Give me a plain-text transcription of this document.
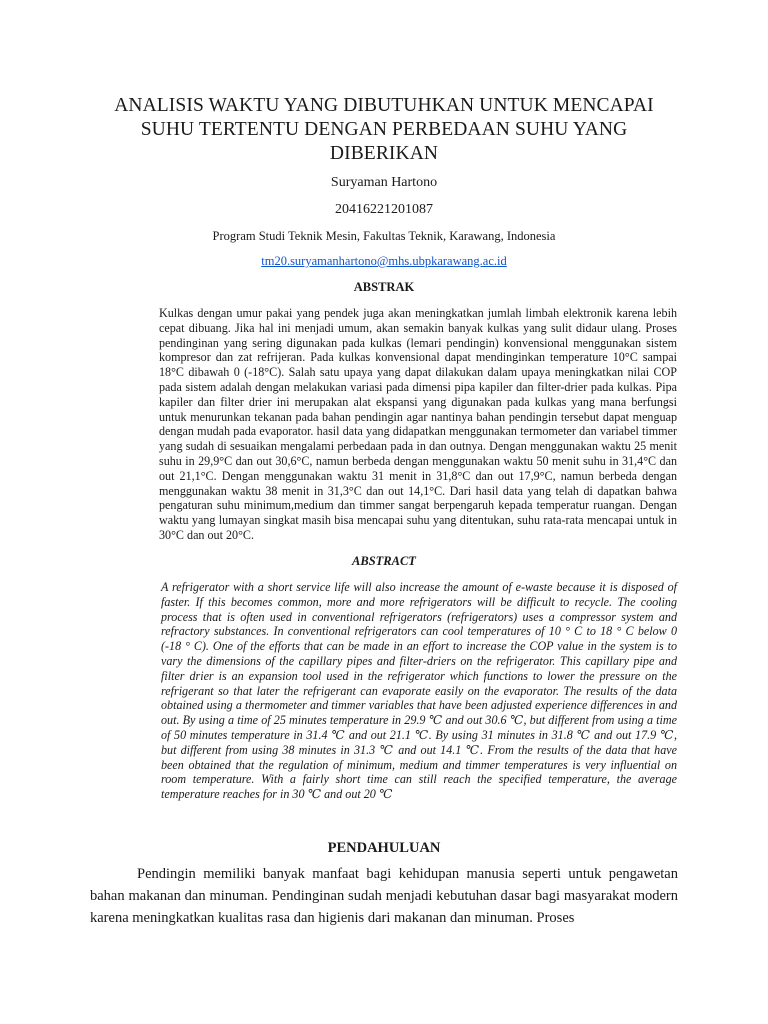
ANALISIS WAKTU YANG DIBUTUHKAN UNTUK MENCAPAI SUHU TERTENTU DENGAN PERBEDAAN SUHU YANG DIBERIKAN
Suryaman Hartono
20416221201087
Program Studi Teknik Mesin, Fakultas Teknik, Karawang, Indonesia
tm20.suryamanhartono@mhs.ubpkarawang.ac.id
ABSTRAK

Kulkas dengan umur pakai yang pendek juga akan meningkatkan jumlah limbah elektronik karena lebih cepat dibuang. Jika hal ini menjadi umum, akan semakin banyak kulkas yang sulit didaur ulang. Proses pendinginan yang sering digunakan pada kulkas (lemari pendingin) konvensional menggunakan sistem kompresor dan zat refrijeran. Pada kulkas konvensional dapat mendinginkan temperature 10°C sampai 18°C dibawah 0 (-18°C). Salah satu upaya yang dapat dilakukan dalam upaya meningkatkan nilai COP pada sistem adalah dengan melakukan variasi pada dimensi pipa kapiler dan filter-drier pada kulkas. Pipa kapiler dan filter drier ini merupakan alat ekspansi yang digunakan pada kulkas yang mana berfungsi untuk menurunkan tekanan pada bahan pendingin agar nantinya bahan pendingin tersebut dapat menguap dengan mudah pada evaporator. hasil data yang didapatkan menggunakan termometer dan variabel timmer yang sudah di sesuaikan mengalami perbedaan pada in dan outnya. Dengan menggunakan waktu 25 menit suhu in 29,9°C dan out 30,6°C, namun berbeda dengan menggunakan waktu 50 menit suhu in 31,4°C dan out 21,1°C. Dengan menggunakan waktu 31 menit in 31,8°C dan out 17,9°C, namun berbeda dengan menggunakan waktu 38 menit in 31,3°C dan out 14,1°C. Dari hasil data yang telah di dapatkan bahwa pengaturan suhu minimum,medium dan timmer sangat berpengaruh kepada temperatur ruangan. Dengan waktu yang lumayan singkat masih bisa mencapai suhu yang ditentukan, suhu rata-rata mencapai untuk in 30°C dan out 20°C.

ABSTRACT

A refrigerator with a short service life will also increase the amount of e-waste because it is disposed of faster. If this becomes common, more and more refrigerators will be difficult to recycle. The cooling process that is often used in conventional refrigerators (refrigerators) uses a compressor system and refractory substances. In conventional refrigerators can cool temperatures of 10 ° C to 18 ° C below 0 (-18 ° C). One of the efforts that can be made in an effort to increase the COP value in the system is to vary the dimensions of the capillary pipes and filter-driers on the refrigerator. This capillary pipe and filter drier is an expansion tool used in the refrigerator which functions to lower the pressure on the refrigerant so that later the refrigerant can evaporate easily on the evaporator. The results of the data obtained using a thermometer and timmer variables that have been adjusted experience differences in and out. By using a time of 25 minutes temperature in 29.9 ℃ and out 30.6 ℃, but different from using a time of 50 minutes temperature in 31.4 ℃ and out 21.1 ℃. By using 31 minutes in 31.8 ℃ and out 17.9 ℃, but different from using 38 minutes in 31.3 ℃ and out 14.1 ℃. From the results of the data that have been obtained that the regulation of minimum, medium and timmer temperatures is very influential on room temperature. With a fairly short time can still reach the specified temperature, the average temperature reaches for in 30 ℃ and out 20 ℃

PENDAHULUAN

Pendingin memiliki banyak manfaat bagi kehidupan manusia seperti untuk pengawetan bahan makanan dan minuman. Pendinginan sudah menjadi kebutuhan dasar bagi masyarakat modern karena meningkatkan kualitas rasa dan higienis dari makanan dan minuman. Proses
